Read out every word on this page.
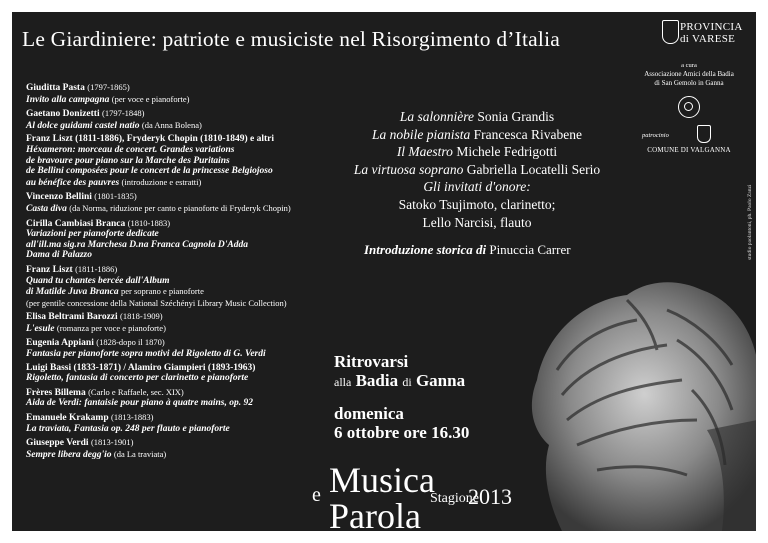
Le Giardiniere: patriote e musiciste nel Risorgimento d’Italia

Giuditta Pasta (1797-1865)

Invito alla campagna (per voce e pianoforte)

Gaetano Donizetti (1797-1848)

Al dolce guidami castel natio (da Anna Bolena)

Franz Liszt (1811-1886), Fryderyk Chopin (1810-1849) e altri

Héxameron: morceau de concert. Grandes variations

de bravoure pour piano sur la Marche des Puritains

de Bellini composées pour le concert de la princesse Belgiojoso

au bénéfice des pauvres (introduzione e estratti)

Vincenzo Bellini (1801-1835)

Casta diva (da Norma, riduzione per canto e pianoforte di Fryderyk Chopin)

Cirilla Cambiasi Branca (1810-1883)

Variazioni per pianoforte dedicate

all'ill.ma sig.ra Marchesa D.na Franca Cagnola D'Adda

Dama di Palazzo

Franz Liszt (1811-1886)

Quand tu chantes bercée dall'Album

di Matilde Juva Branca per soprano e pianoforte

(per gentile concessione della National Széchényi Library Music Collection)

Elisa Beltrami Barozzi (1818-1909)

L'esule (romanza per voce e pianoforte)

Eugenia Appiani (1828-dopo il 1870)

Fantasia per pianoforte sopra motivi del Rigoletto di G. Verdi

Luigi Bassi (1833-1871) / Alamiro Giampieri (1893-1963)

Rigoletto, fantasia di concerto per clarinetto e pianoforte

Frères Billema (Carlo e Raffaele, sec. XIX)

Aida de Verdi: fantaisie pour piano à quatre mains, op. 92

Emanuele Krakamp (1813-1883)

La traviata, Fantasia op. 248 per flauto e pianoforte

Giuseppe Verdi (1813-1901)

Sempre libera degg'io (da La traviata)

La salonnière Sonia Grandis

La nobile pianista Francesca Rivabene

Il Maestro Michele Fedrigotti

La virtuosa soprano Gabriella Locatelli Serio

Gli invitati d'onore:

Satoko Tsujimoto, clarinetto;

Lello Narcisi, flauto

Introduzione storica di Pinuccia Carrer
Ritrovarsi
alla Badia di Ganna
domenica
6 ottobre ore 16.30
e Musica
Parola Stagione
2013
PROVINCIA
di VARESE
a cura
Associazione Amici della Badia
di San Gemolo in Ganna
patrocinio
COMUNE DI VALGANNA
studio paolantoni, ph. Paolo Zanzi
